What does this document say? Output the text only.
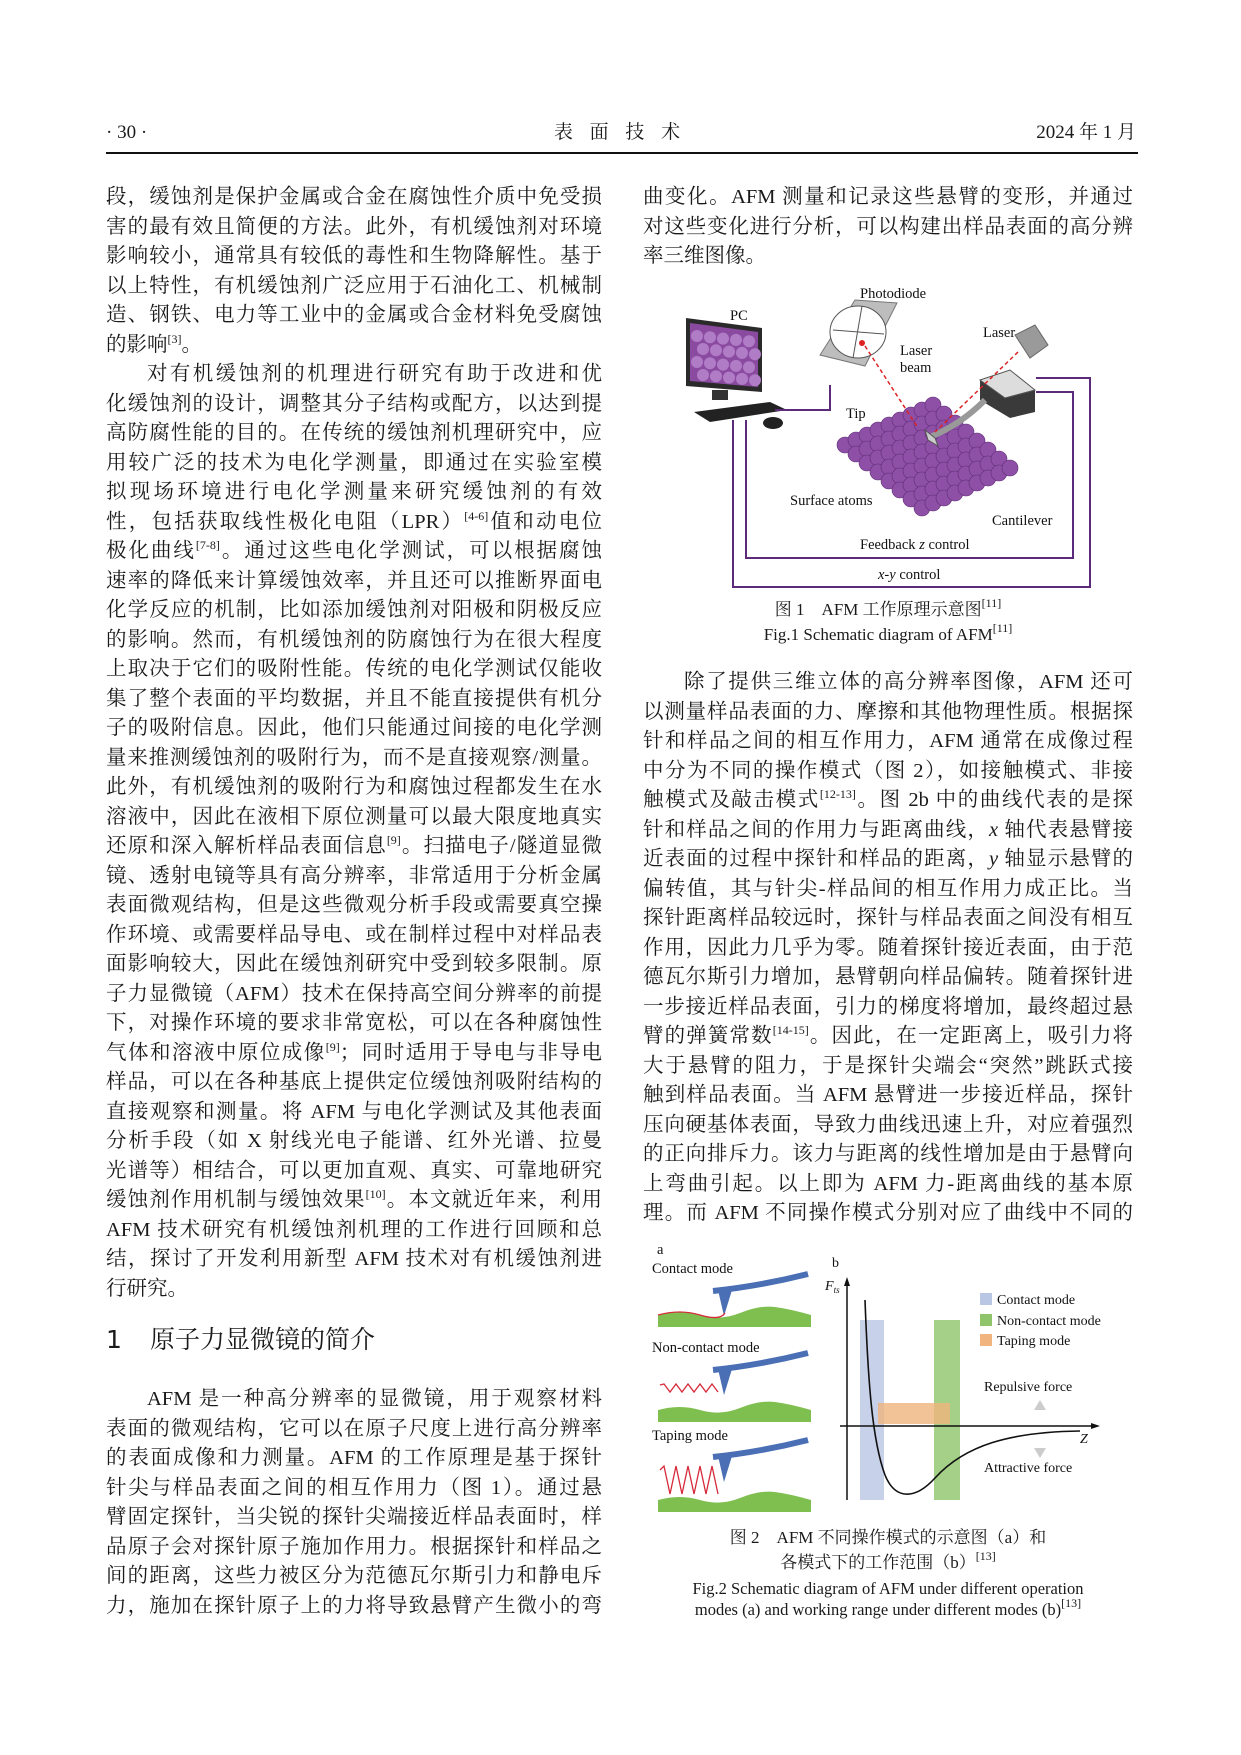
· 30 ·	表 面 技 术	2024 年 1 月
段，缓蚀剂是保护金属或合金在腐蚀性介质中免受损
害的最有效且简便的方法。此外，有机缓蚀剂对环境
影响较小，通常具有较低的毒性和生物降解性。基于
以上特性，有机缓蚀剂广泛应用于石油化工、机械制
造、钢铁、电力等工业中的金属或合金材料免受腐蚀
的影响[3]。
对有机缓蚀剂的机理进行研究有助于改进和优
化缓蚀剂的设计，调整其分子结构或配方，以达到提
高防腐性能的目的。在传统的缓蚀剂机理研究中，应
用较广泛的技术为电化学测量，即通过在实验室模
拟现场环境进行电化学测量来研究缓蚀剂的有效
性，包括获取线性极化电阻（LPR）[4-6]值和动电位
极化曲线[7-8]。通过这些电化学测试，可以根据腐蚀
速率的降低来计算缓蚀效率，并且还可以推断界面电
化学反应的机制，比如添加缓蚀剂对阳极和阴极反应
的影响。然而，有机缓蚀剂的防腐蚀行为在很大程度
上取决于它们的吸附性能。传统的电化学测试仅能收
集了整个表面的平均数据，并且不能直接提供有机分
子的吸附信息。因此，他们只能通过间接的电化学测
量来推测缓蚀剂的吸附行为，而不是直接观察/测量。
此外，有机缓蚀剂的吸附行为和腐蚀过程都发生在水
溶液中，因此在液相下原位测量可以最大限度地真实
还原和深入解析样品表面信息[9]。扫描电子/隧道显微
镜、透射电镜等具有高分辨率，非常适用于分析金属
表面微观结构，但是这些微观分析手段或需要真空操
作环境、或需要样品导电、或在制样过程中对样品表
面影响较大，因此在缓蚀剂研究中受到较多限制。原
子力显微镜（AFM）技术在保持高空间分辨率的前提
下，对操作环境的要求非常宽松，可以在各种腐蚀性
气体和溶液中原位成像[9]；同时适用于导电与非导电
样品，可以在各种基底上提供定位缓蚀剂吸附结构的
直接观察和测量。将 AFM 与电化学测试及其他表面
分析手段（如 X 射线光电子能谱、红外光谱、拉曼
光谱等）相结合，可以更加直观、真实、可靠地研究
缓蚀剂作用机制与缓蚀效果[10]。本文就近年来，利用
AFM 技术研究有机缓蚀剂机理的工作进行回顾和总
结，探讨了开发利用新型 AFM 技术对有机缓蚀剂进
行研究。
1 原子力显微镜的简介
AFM 是一种高分辨率的显微镜，用于观察材料
表面的微观结构，它可以在原子尺度上进行高分辨率
的表面成像和力测量。AFM 的工作原理是基于探针
针尖与样品表面之间的相互作用力（图 1）。通过悬
臂固定探针，当尖锐的探针尖端接近样品表面时，样
品原子会对探针原子施加作用力。根据探针和样品之
间的距离，这些力被区分为范德瓦尔斯引力和静电斥
力，施加在探针原子上的力将导致悬臂产生微小的弯
曲变化。AFM 测量和记录这些悬臂的变形，并通过
对这些变化进行分析，可以构建出样品表面的高分辨
率三维图像。
Photodiode
PC
Laser
Laser
beam
Tip
Surface atoms
Cantilever
Feedback z control
x-y control
图 1 AFM 工作原理示意图[11]
Fig.1 Schematic diagram of AFM[11]
除了提供三维立体的高分辨率图像，AFM 还可
以测量样品表面的力、摩擦和其他物理性质。根据探
针和样品之间的相互作用力，AFM 通常在成像过程
中分为不同的操作模式（图 2），如接触模式、非接
触模式及敲击模式[12-13]。图 2b 中的曲线代表的是探
针和样品之间的作用力与距离曲线，x 轴代表悬臂接
近表面的过程中探针和样品的距离，y 轴显示悬臂的
偏转值，其与针尖-样品间的相互作用力成正比。当
探针距离样品较远时，探针与样品表面之间没有相互
作用，因此力几乎为零。随着探针接近表面，由于范
德瓦尔斯引力增加，悬臂朝向样品偏转。随着探针进
一步接近样品表面，引力的梯度将增加，最终超过悬
臂的弹簧常数[14-15]。因此，在一定距离上，吸引力将
大于悬臂的阻力，于是探针尖端会“突然”跳跃式接
触到样品表面。当 AFM 悬臂进一步接近样品，探针
压向硬基体表面，导致力曲线迅速上升，对应着强烈
的正向排斥力。该力与距离的线性增加是由于悬臂向
上弯曲引起。以上即为 AFM 力-距离曲线的基本原
理。而 AFM 不同操作模式分别对应了曲线中不同的
a
Contact mode
Non-contact mode
Taping mode
b
$F_{ts}$
Z
Contact mode
Non-contact mode
Taping mode
Repulsive force
Attractive force
图 2 AFM 不同操作模式的示意图（a）和
各模式下的工作范围（b）[13]
Fig.2 Schematic diagram of AFM under different operation
modes (a) and working range under different modes (b)[13]
